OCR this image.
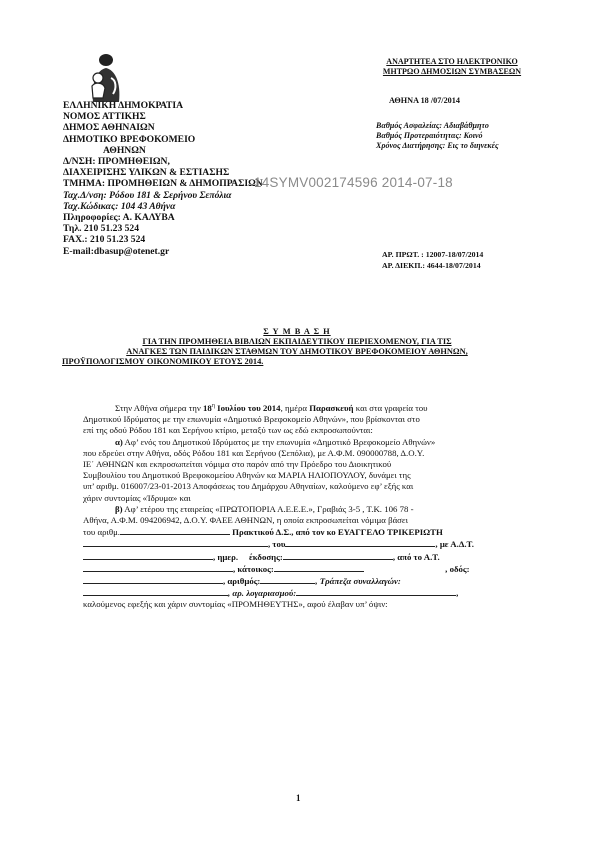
ΑΝΑΡΤΗΤΕΑ ΣΤΟ ΗΛΕΚΤΡΟΝΙΚΟ
ΜΗΤΡΩΟ ΔΗΜΟΣΙΩΝ ΣΥΜΒΑΣΕΩΝ
ΑΘΗΝΑ 18 /07/2014
Βαθμός Ασφαλείας: Αδιαβάθμητο
Βαθμός Προτεραιότητας: Κοινό
Χρόνος Διατήρησης: Εις το διηνεκές
ΕΛΛΗΝΙΚΗ ΔΗΜΟΚΡΑΤΙΑ
ΝΟΜΟΣ ΑΤΤΙΚΗΣ
ΔΗΜΟΣ ΑΘΗΝΑΙΩΝ
ΔΗΜΟΤΙΚΟ ΒΡΕΦΟΚΟΜΕΙΟ
ΑΘΗΝΩΝ
Δ/ΝΣΗ: ΠΡΟΜΗΘΕΙΩΝ,
ΔΙΑΧΕΙΡΙΣΗΣ ΥΛΙΚΩΝ & ΕΣΤΙΑΣΗΣ
ΤΜΗΜΑ: ΠΡΟΜΗΘΕΙΩΝ & ΔΗΜΟΠΡΑΣΙΩΝ
Ταχ.Δ/νση: Ρόδου 181 & Σερήνου Σεπόλια
Ταχ.Κώδικας: 104 43 Αθήνα
Πληροφορίες: Α. ΚΑΛΥΒΑ
Τηλ. 210 51.23 524
FAX.: 210 51.23 524
E-mail:dbasup@otenet.gr
14SYMV002174596 2014-07-18
ΑΡ. ΠΡΩΤ. : 12007-18/07/2014
ΑΡ. ΔΙΕΚΠ.: 4644-18/07/2014
Σ Υ Μ Β Α Σ Η
ΓΙΑ ΤΗΝ ΠΡΟΜΗΘΕΙΑ ΒΙΒΛΙΩΝ ΕΚΠΑΙΔΕΥΤΙΚΟΥ ΠΕΡΙΕΧΟΜΕΝΟΥ, ΓΙΑ ΤΙΣ
ΑΝΑΓΚΕΣ ΤΩΝ ΠΑΙΔΙΚΩΝ ΣΤΑΘΜΩΝ ΤΟΥ ΔΗΜΟΤΙΚΟΥ ΒΡΕΦΟΚΟΜΕΙΟΥ ΑΘΗΝΩΝ,
ΠΡΟΫΠΟΛΟΓΙΣΜΟΥ ΟΙΚΟΝΟΜΙΚΟΥ ΕΤΟΥΣ 2014.
Στην Αθήνα σήμερα την $18^\eta$ Ιουλίου του 2014, ημέρα Παρασκευή και στα γραφεία του
Δημοτικού Ιδρύματος με την επωνυμία «Δημοτικό Βρεφοκομείο Αθηνών», που βρίσκονται στο
επί της οδού Ρόδου 181 και Σερήνου κτίριο, μεταξύ των ως εδώ εκπροσωπούνται:
α) Αφ’ ενός του Δημοτικού Ιδρύματος με την επωνυμία «Δημοτικό Βρεφοκομείο Αθηνών»
που εδρεύει στην Αθήνα, οδός Ρόδου 181 και Σερήνου (Σεπόλια), με Α.Φ.Μ. 090000788, Δ.Ο.Υ.
ΙΕ΄ ΑΘΗΝΩΝ και εκπροσωπείται νόμιμα στο παρόν από την Πρόεδρο του Διοικητικού
Συμβουλίου του Δημοτικού Βρεφοκομείου Αθηνών κα ΜΑΡΙΑ ΗΛΙΟΠΟΥΛΟΥ, δυνάμει της
υπ’ αριθμ. 016007/23-01-2013 Αποφάσεως του Δημάρχου Αθηναίων, καλούμενο εφ’ εξής και
χάριν συντομίας «Ίδρυμα» και
β) Αφ’ ετέρου της εταιρείας «ΠΡΩΤΟΠΟΡΙΑ Α.Ε.Ε.Ε.», Γραβιάς 3-5 , Τ.Κ. 106 78 -
Αθήνα, Α.Φ.Μ. 094206942, Δ.Ο.Υ. ΦΑΕΕ ΑΘΗΝΩΝ, η οποία εκπροσωπείται νόμιμα βάσει
του αριθμ.	Πρακτικού Δ.Σ., από τον κο ΕΥΑΓΓΕΛΟ ΤΡΙΚΕΡΙΩΤΗ
, του	, με Α.Δ.Τ.
, ημερ. έκδοσης:	, από το Α.Τ.
, κάτοικος:	, οδός:
, αριθμός:	, Τράπεζα συναλλαγών:
, αρ. λογαριασμού:	,
καλούμενος εφεξής και χάριν συντομίας «ΠΡΟΜΗΘΕΥΤΗΣ», αφού έλαβαν υπ’ όψιν:
1
